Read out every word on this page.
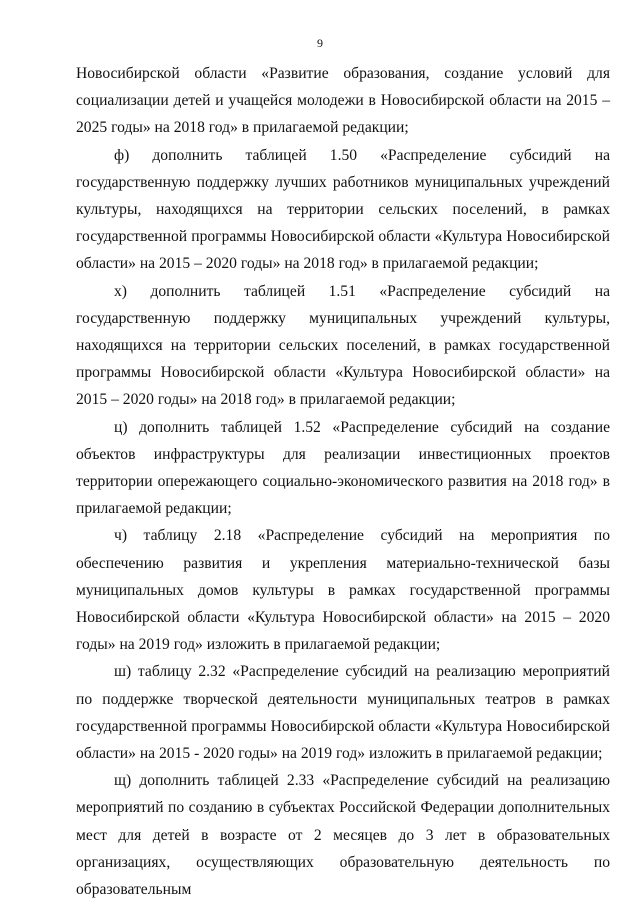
9

Новосибирской области «Развитие образования, создание условий для социализации детей и учащейся молодежи в Новосибирской области на 2015 – 2025 годы» на 2018 год» в прилагаемой редакции;

ф) дополнить таблицей 1.50 «Распределение субсидий на государственную поддержку лучших работников муниципальных учреждений культуры, находящихся на территории сельских поселений, в рамках государственной программы Новосибирской области «Культура Новосибирской области» на 2015 – 2020 годы» на 2018 год» в прилагаемой редакции;

х) дополнить таблицей 1.51 «Распределение субсидий на государственную поддержку муниципальных учреждений культуры, находящихся на территории сельских поселений, в рамках государственной программы Новосибирской области «Культура Новосибирской области» на 2015 – 2020 годы» на 2018 год» в прилагаемой редакции;

ц) дополнить таблицей 1.52 «Распределение субсидий на создание объектов инфраструктуры для реализации инвестиционных проектов территории опережающего социально-экономического развития на 2018 год» в прилагаемой редакции;

ч) таблицу 2.18 «Распределение субсидий на мероприятия по обеспечению развития и укрепления материально-технической базы муниципальных домов культуры в рамках государственной программы Новосибирской области «Культура Новосибирской области» на 2015 – 2020 годы» на 2019 год» изложить в прилагаемой редакции;

ш) таблицу 2.32 «Распределение субсидий на реализацию мероприятий по поддержке творческой деятельности муниципальных театров в рамках государственной программы Новосибирской области «Культура Новосибирской области» на 2015 - 2020 годы» на 2019 год» изложить в прилагаемой редакции;

щ) дополнить таблицей 2.33 «Распределение субсидий на реализацию мероприятий по созданию в субъектах Российской Федерации дополнительных мест для детей в возрасте от 2 месяцев до 3 лет в образовательных организациях, осуществляющих образовательную деятельность по образовательным
